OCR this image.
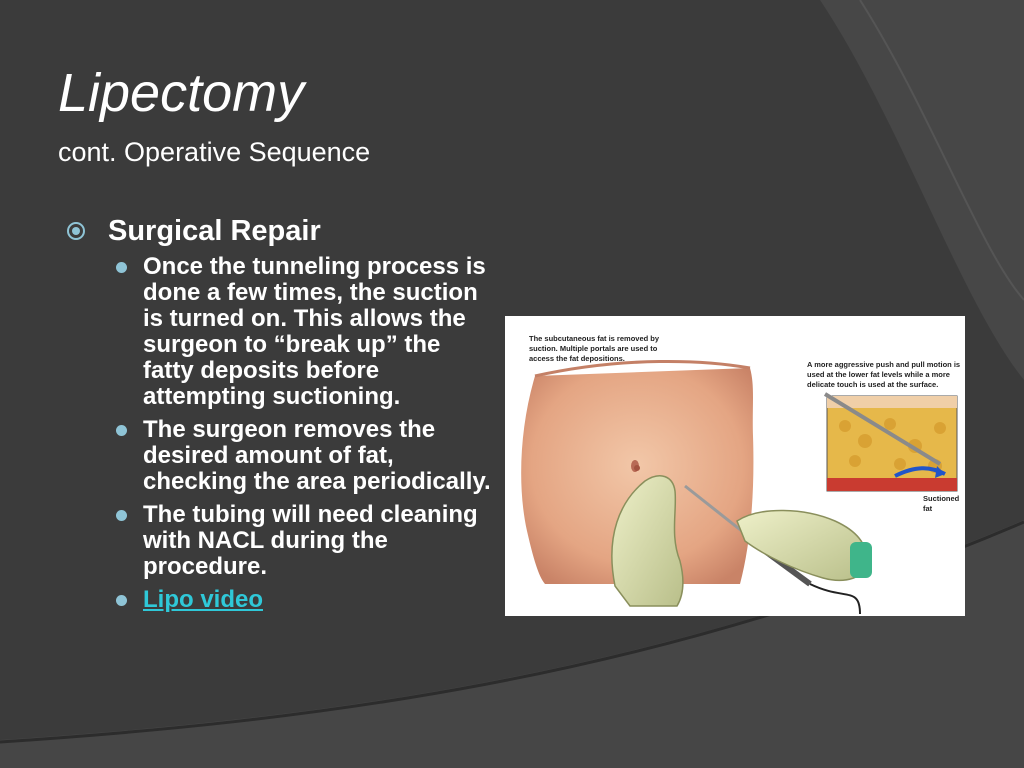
Lipectomy
cont. Operative Sequence
Surgical Repair
Once the tunneling process is done a few times, the suction is turned on. This allows the surgeon to “break up” the fatty deposits before attempting suctioning.
The surgeon removes the desired amount of fat, checking the area periodically.
The tubing will need cleaning with NACL during the procedure.
Lipo video
The subcutaneous fat is removed by suction. Multiple portals are used to access the fat depositions.
A more aggressive push and pull motion is used at the lower fat levels while a more delicate touch is used at the surface.
Suctioned fat
